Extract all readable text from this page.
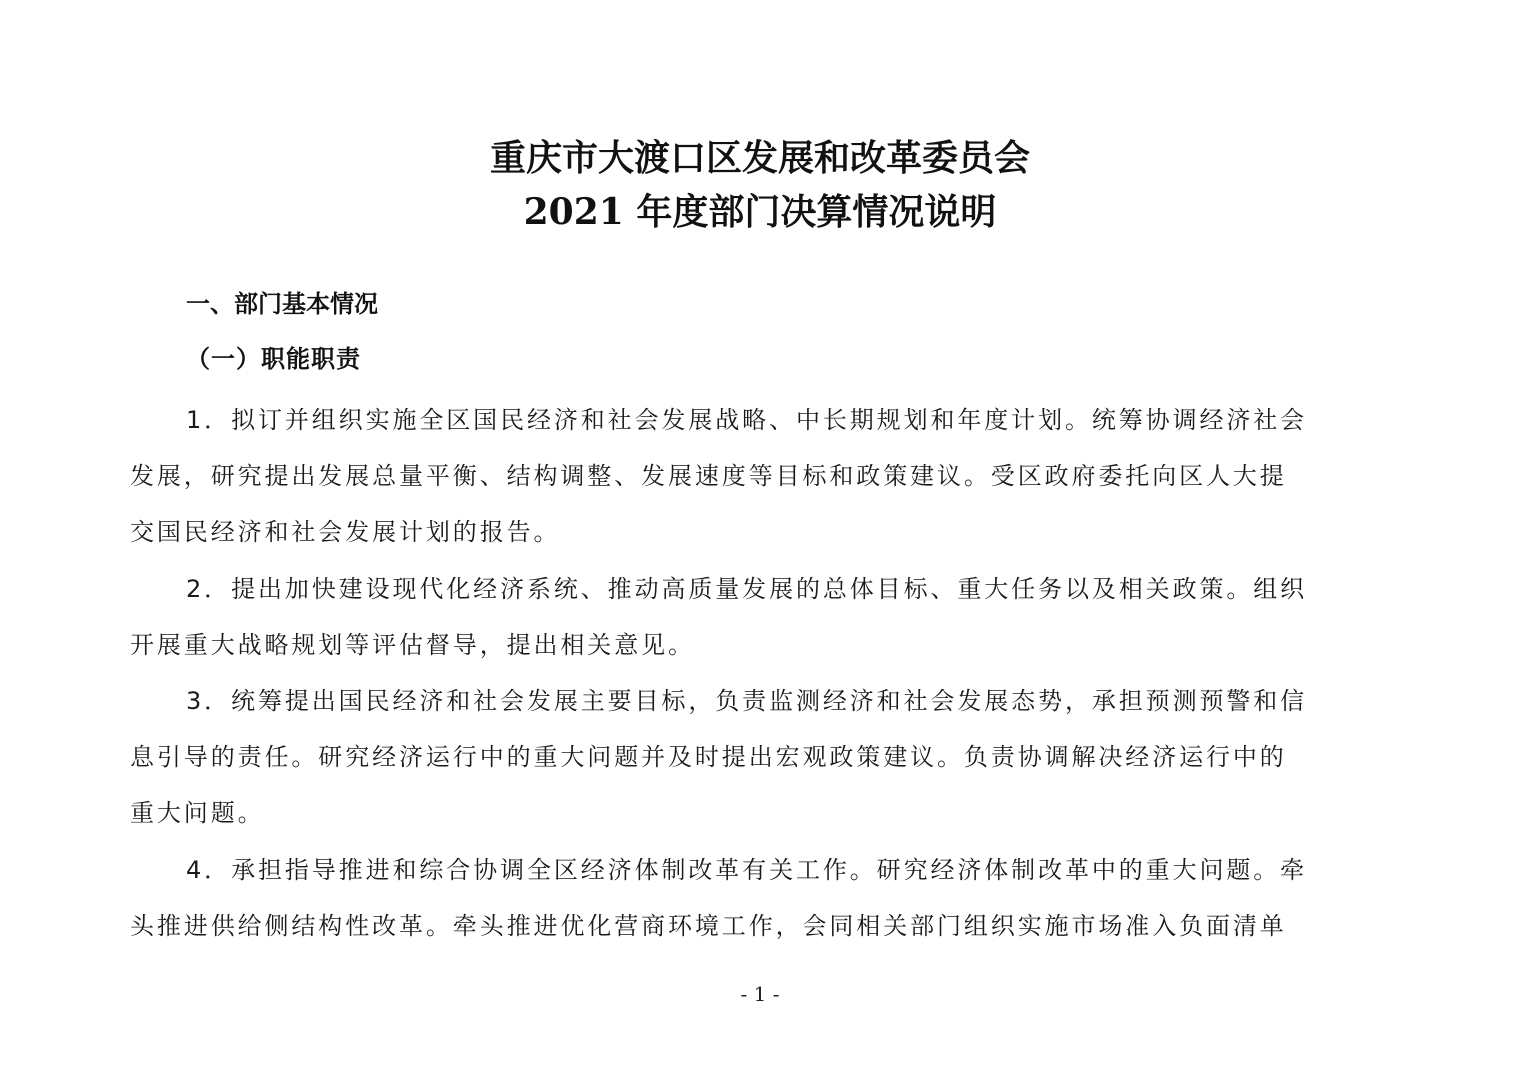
重庆市大渡口区发展和改革委员会
2021 年度部门决算情况说明
一、部门基本情况
（一）职能职责
1．拟订并组织实施全区国民经济和社会发展战略、中长期规划和年度计划。统筹协调经济社会
发展，研究提出发展总量平衡、结构调整、发展速度等目标和政策建议。受区政府委托向区人大提
交国民经济和社会发展计划的报告。
2．提出加快建设现代化经济系统、推动高质量发展的总体目标、重大任务以及相关政策。组织
开展重大战略规划等评估督导，提出相关意见。
3．统筹提出国民经济和社会发展主要目标，负责监测经济和社会发展态势，承担预测预警和信
息引导的责任。研究经济运行中的重大问题并及时提出宏观政策建议。负责协调解决经济运行中的
重大问题。
4．承担指导推进和综合协调全区经济体制改革有关工作。研究经济体制改革中的重大问题。牵
头推进供给侧结构性改革。牵头推进优化营商环境工作，会同相关部门组织实施市场准入负面清单
- 1 -
